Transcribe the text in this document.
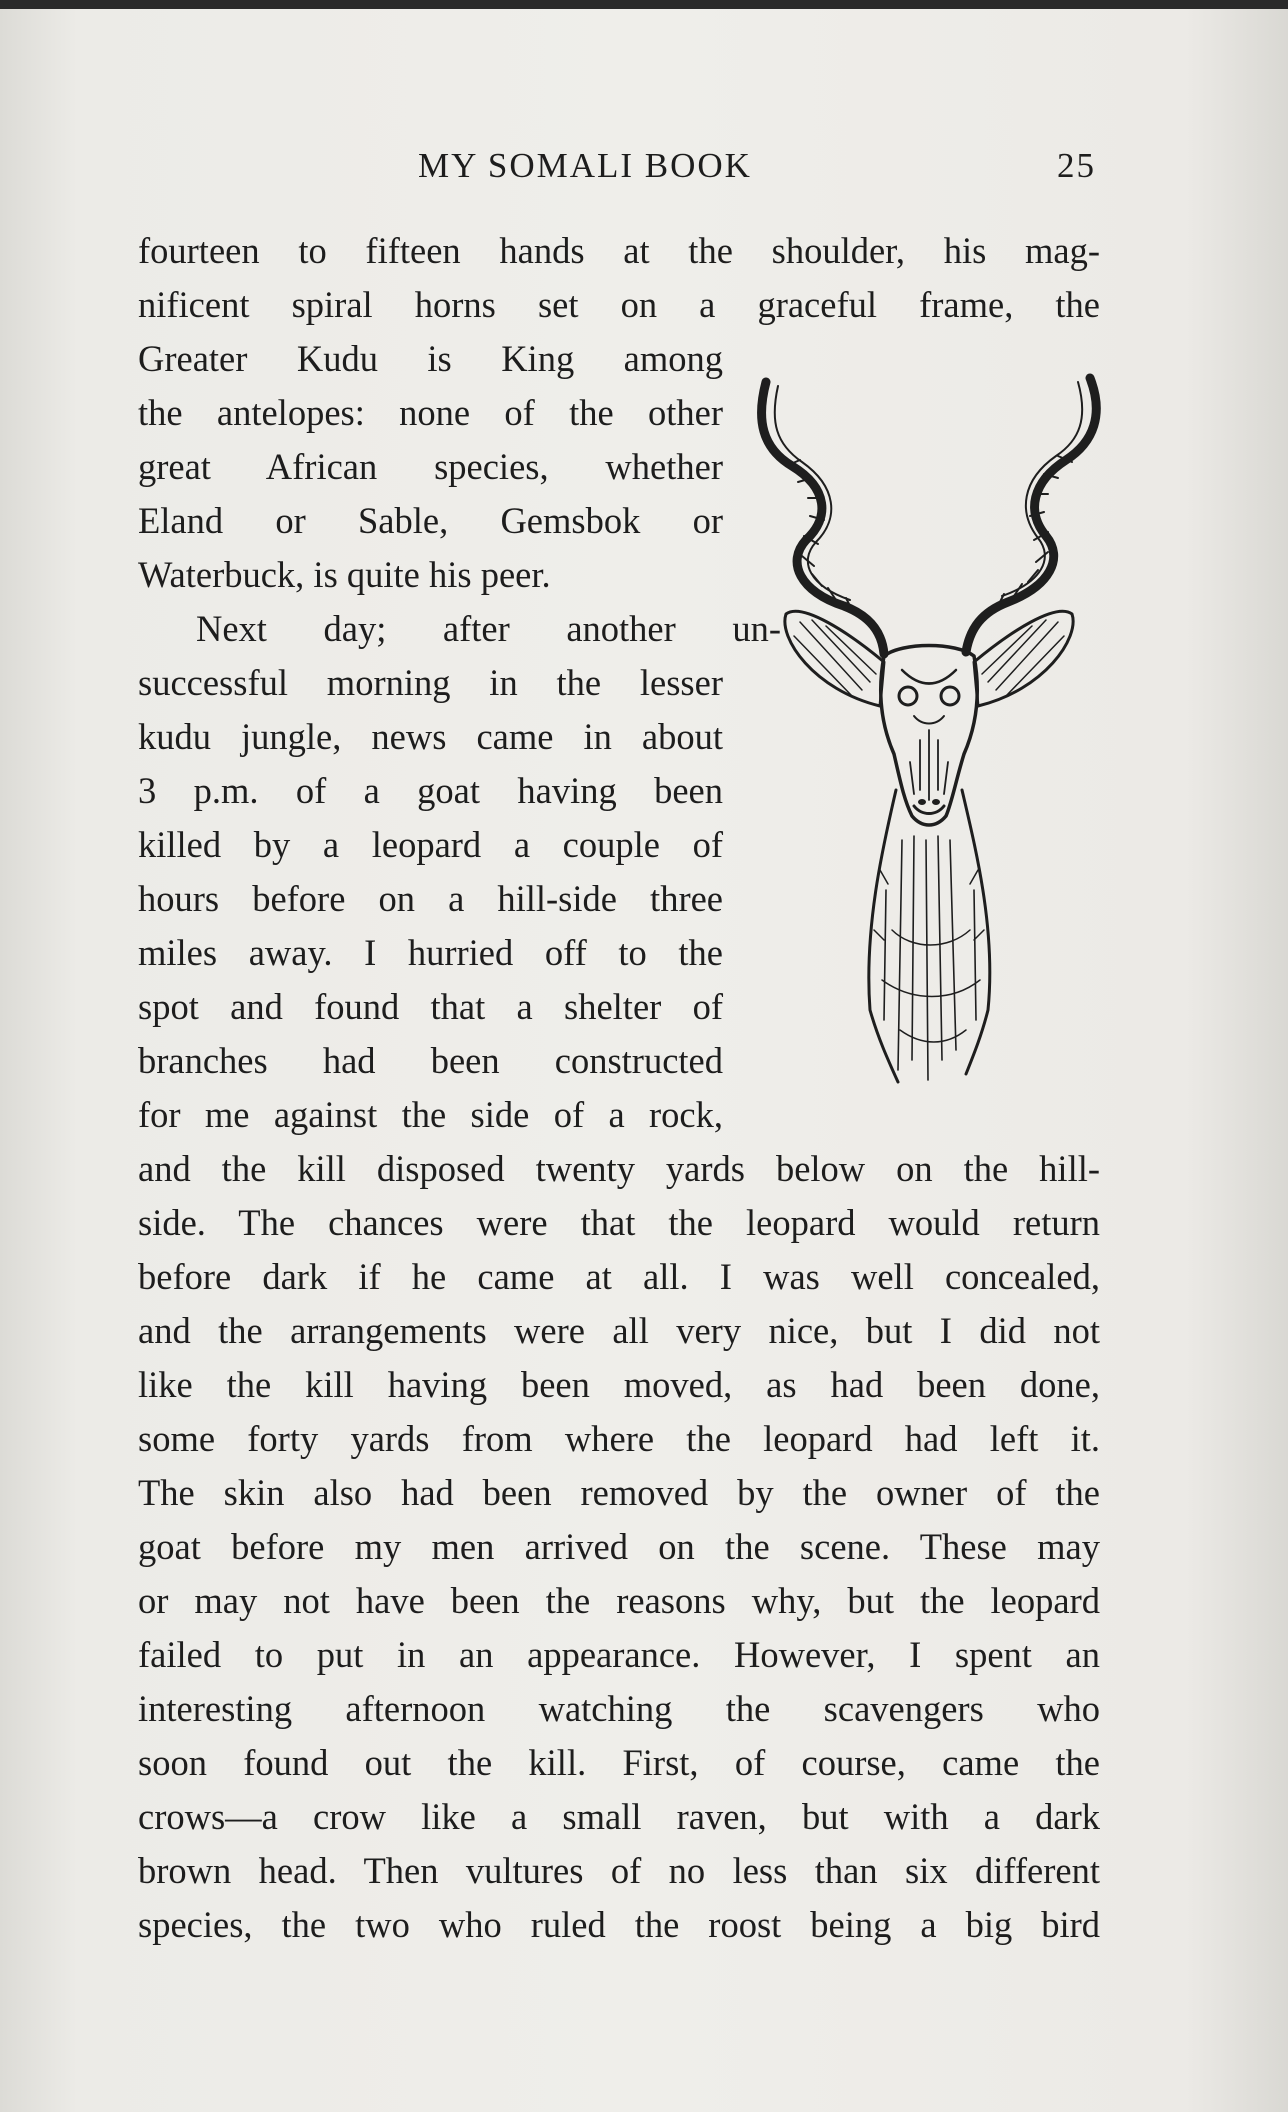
MY SOMALI BOOK	25
fourteen to fifteen hands at the shoulder, his mag-
nificent spiral horns set on a graceful frame, the
Greater Kudu is King among
the antelopes: none of the other
great African species, whether
Eland or Sable, Gemsbok or
Waterbuck, is quite his peer.
Next day; after another un-
successful morning in the lesser
kudu jungle, news came in about
3 p.m. of a goat having been
killed by a leopard a couple of
hours before on a hill-side three
miles away. I hurried off to the
spot and found that a shelter of
branches had been constructed
for me against the side of a rock,
and the kill disposed twenty yards below on the hill-
side. The chances were that the leopard would return
before dark if he came at all. I was well concealed,
and the arrangements were all very nice, but I did not
like the kill having been moved, as had been done,
some forty yards from where the leopard had left it.
The skin also had been removed by the owner of the
goat before my men arrived on the scene. These may
or may not have been the reasons why, but the leopard
failed to put in an appearance. However, I spent an
interesting afternoon watching the scavengers who
soon found out the kill. First, of course, came the
crows—a crow like a small raven, but with a dark
brown head. Then vultures of no less than six different
species, the two who ruled the roost being a big bird
